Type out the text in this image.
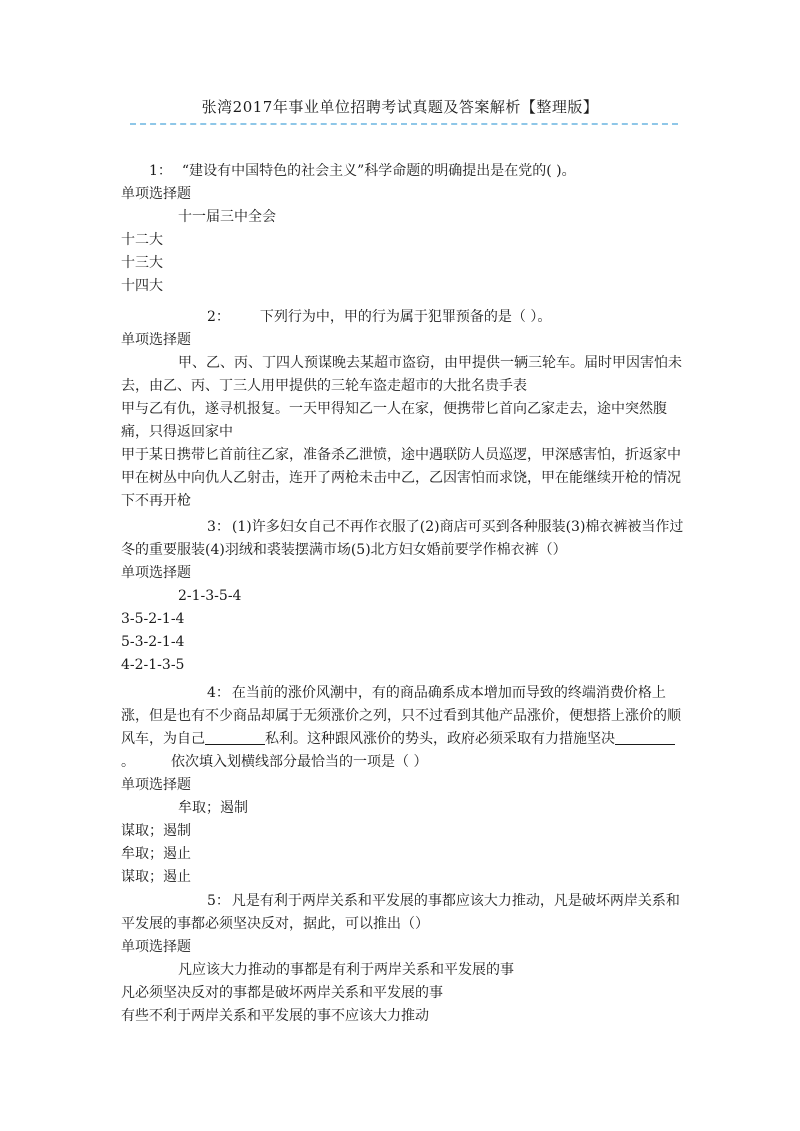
张湾2017年事业单位招聘考试真题及答案解析【整理版】

1： “建设有中国特色的社会主义”科学命题的明确提出是在党的( )。

单项选择题

十一届三中全会

十二大

十三大

十四大

2： 下列行为中，甲的行为属于犯罪预备的是（ ）。

单项选择题

甲、乙、丙、丁四人预谋晚去某超市盗窃，由甲提供一辆三轮车。届时甲因害怕未去，由乙、丙、丁三人用甲提供的三轮车盗走超市的大批名贵手表

甲与乙有仇，遂寻机报复。一天甲得知乙一人在家，便携带匕首向乙家走去，途中突然腹痛，只得返回家中

甲于某日携带匕首前往乙家，准备杀乙泄愤，途中遇联防人员巡逻，甲深感害怕，折返家中

甲在树丛中向仇人乙射击，连开了两枪未击中乙，乙因害怕而求饶，甲在能继续开枪的情况下不再开枪

3： (1)许多妇女自己不再作衣服了(2)商店可买到各种服装(3)棉衣裤被当作过冬的重要服装(4)羽绒和裘装摆满市场(5)北方妇女婚前要学作棉衣裤（）

单项选择题

2-1-3-5-4

3-5-2-1-4

5-3-2-1-4

4-2-1-3-5

4： 在当前的涨价风潮中，有的商品确系成本增加而导致的终端消费价格上涨，但是也有不少商品却属于无须涨价之列，只不过看到其他产品涨价，便想搭上涨价的顺风车，为自己	私利。这种跟风涨价的势头，政府必须采取有力措施坚决。	依次填入划横线部分最恰当的一项是（ ）

单项选择题

牟取；遏制

谋取；遏制

牟取；遏止

谋取；遏止

5： 凡是有利于两岸关系和平发展的事都应该大力推动，凡是破坏两岸关系和平发展的事都必须坚决反对，据此，可以推出（）

单项选择题

凡应该大力推动的事都是有利于两岸关系和平发展的事

凡必须坚决反对的事都是破坏两岸关系和平发展的事

有些不利于两岸关系和平发展的事不应该大力推动
